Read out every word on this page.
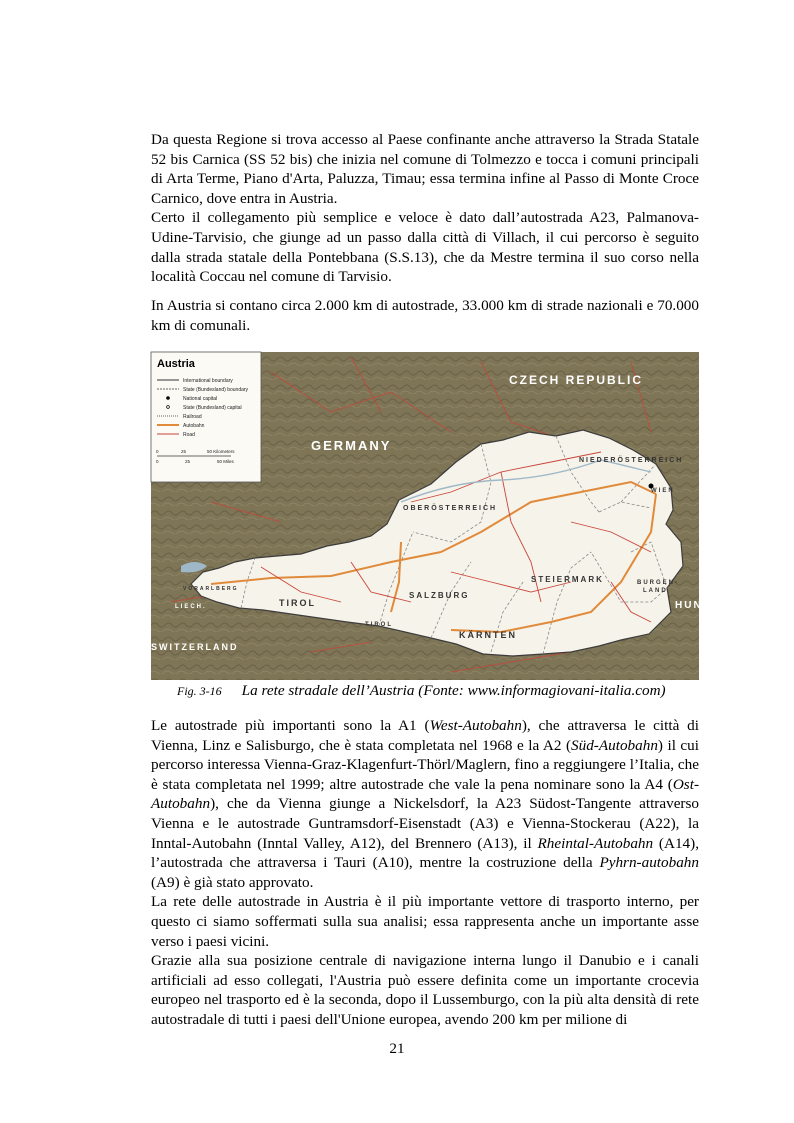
Da questa Regione si trova accesso al Paese confinante anche attraverso la Strada Statale 52 bis Carnica (SS 52 bis) che inizia nel comune di Tolmezzo e tocca i comuni principali di Arta Terme, Piano d'Arta, Paluzza, Timau; essa termina infine al Passo di Monte Croce Carnico, dove entra in Austria.

Certo il collegamento più semplice e veloce è dato dall’autostrada A23, Palmanova-Udine-Tarvisio, che giunge ad un passo dalla città di Villach, il cui percorso è seguito dalla strada statale della Pontebbana (S.S.13), che da Mestre termina il suo corso nella località Coccau nel comune di Tarvisio.

In Austria si contano circa 2.000 km di autostrade, 33.000 km di strade nazionali e 70.000 km di comunali.

Austria
International boundary
State (Bundesland) boundary
National capital
State (Bundesland) capital
Railroad
Autobahn
Road
0	25	50 Kilometers
0	25	50 Miles
CZECH REPUBLIC
GERMANY
NIEDERÖSTERREICH
OBERÖSTERREICH
WIEN
STEIERMARK	BURGEN-
LAND
SALZBURG
TIROL
TIROL
KÄRNTEN
VORARLBERG
LIECH.
SWITZERLAND
HUN
Fig. 3-16 La rete stradale dell’Austria (Fonte: www.informagiovani-italia.com)

Le autostrade più importanti sono la A1 (West-Autobahn), che attraversa le città di Vienna, Linz e Salisburgo, che è stata completata nel 1968 e la A2 (Süd-Autobahn) il cui percorso interessa Vienna-Graz-Klagenfurt-Thörl/Maglern, fino a reggiungere l’Italia, che è stata completata nel 1999; altre autostrade che vale la pena nominare sono la A4 (Ost-Autobahn), che da Vienna giunge a Nickelsdorf, la A23 Südost-Tangente attraverso Vienna e le autostrade Guntramsdorf-Eisenstadt (A3) e Vienna-Stockerau (A22), la Inntal-Autobahn (Inntal Valley, A12), del Brennero (A13), il Rheintal-Autobahn (A14), l’autostrada che attraversa i Tauri (A10), mentre la costruzione della Pyhrn-autobahn (A9) è già stato approvato.

La rete delle autostrade in Austria è il più importante vettore di trasporto interno, per questo ci siamo soffermati sulla sua analisi; essa rappresenta anche un importante asse verso i paesi vicini.

Grazie alla sua posizione centrale di navigazione interna lungo il Danubio e i canali artificiali ad esso collegati, l'Austria può essere definita come un importante crocevia europeo nel trasporto ed è la seconda, dopo il Lussemburgo, con la più alta densità di rete autostradale di tutti i paesi dell'Unione europea, avendo 200 km per milione di

21
